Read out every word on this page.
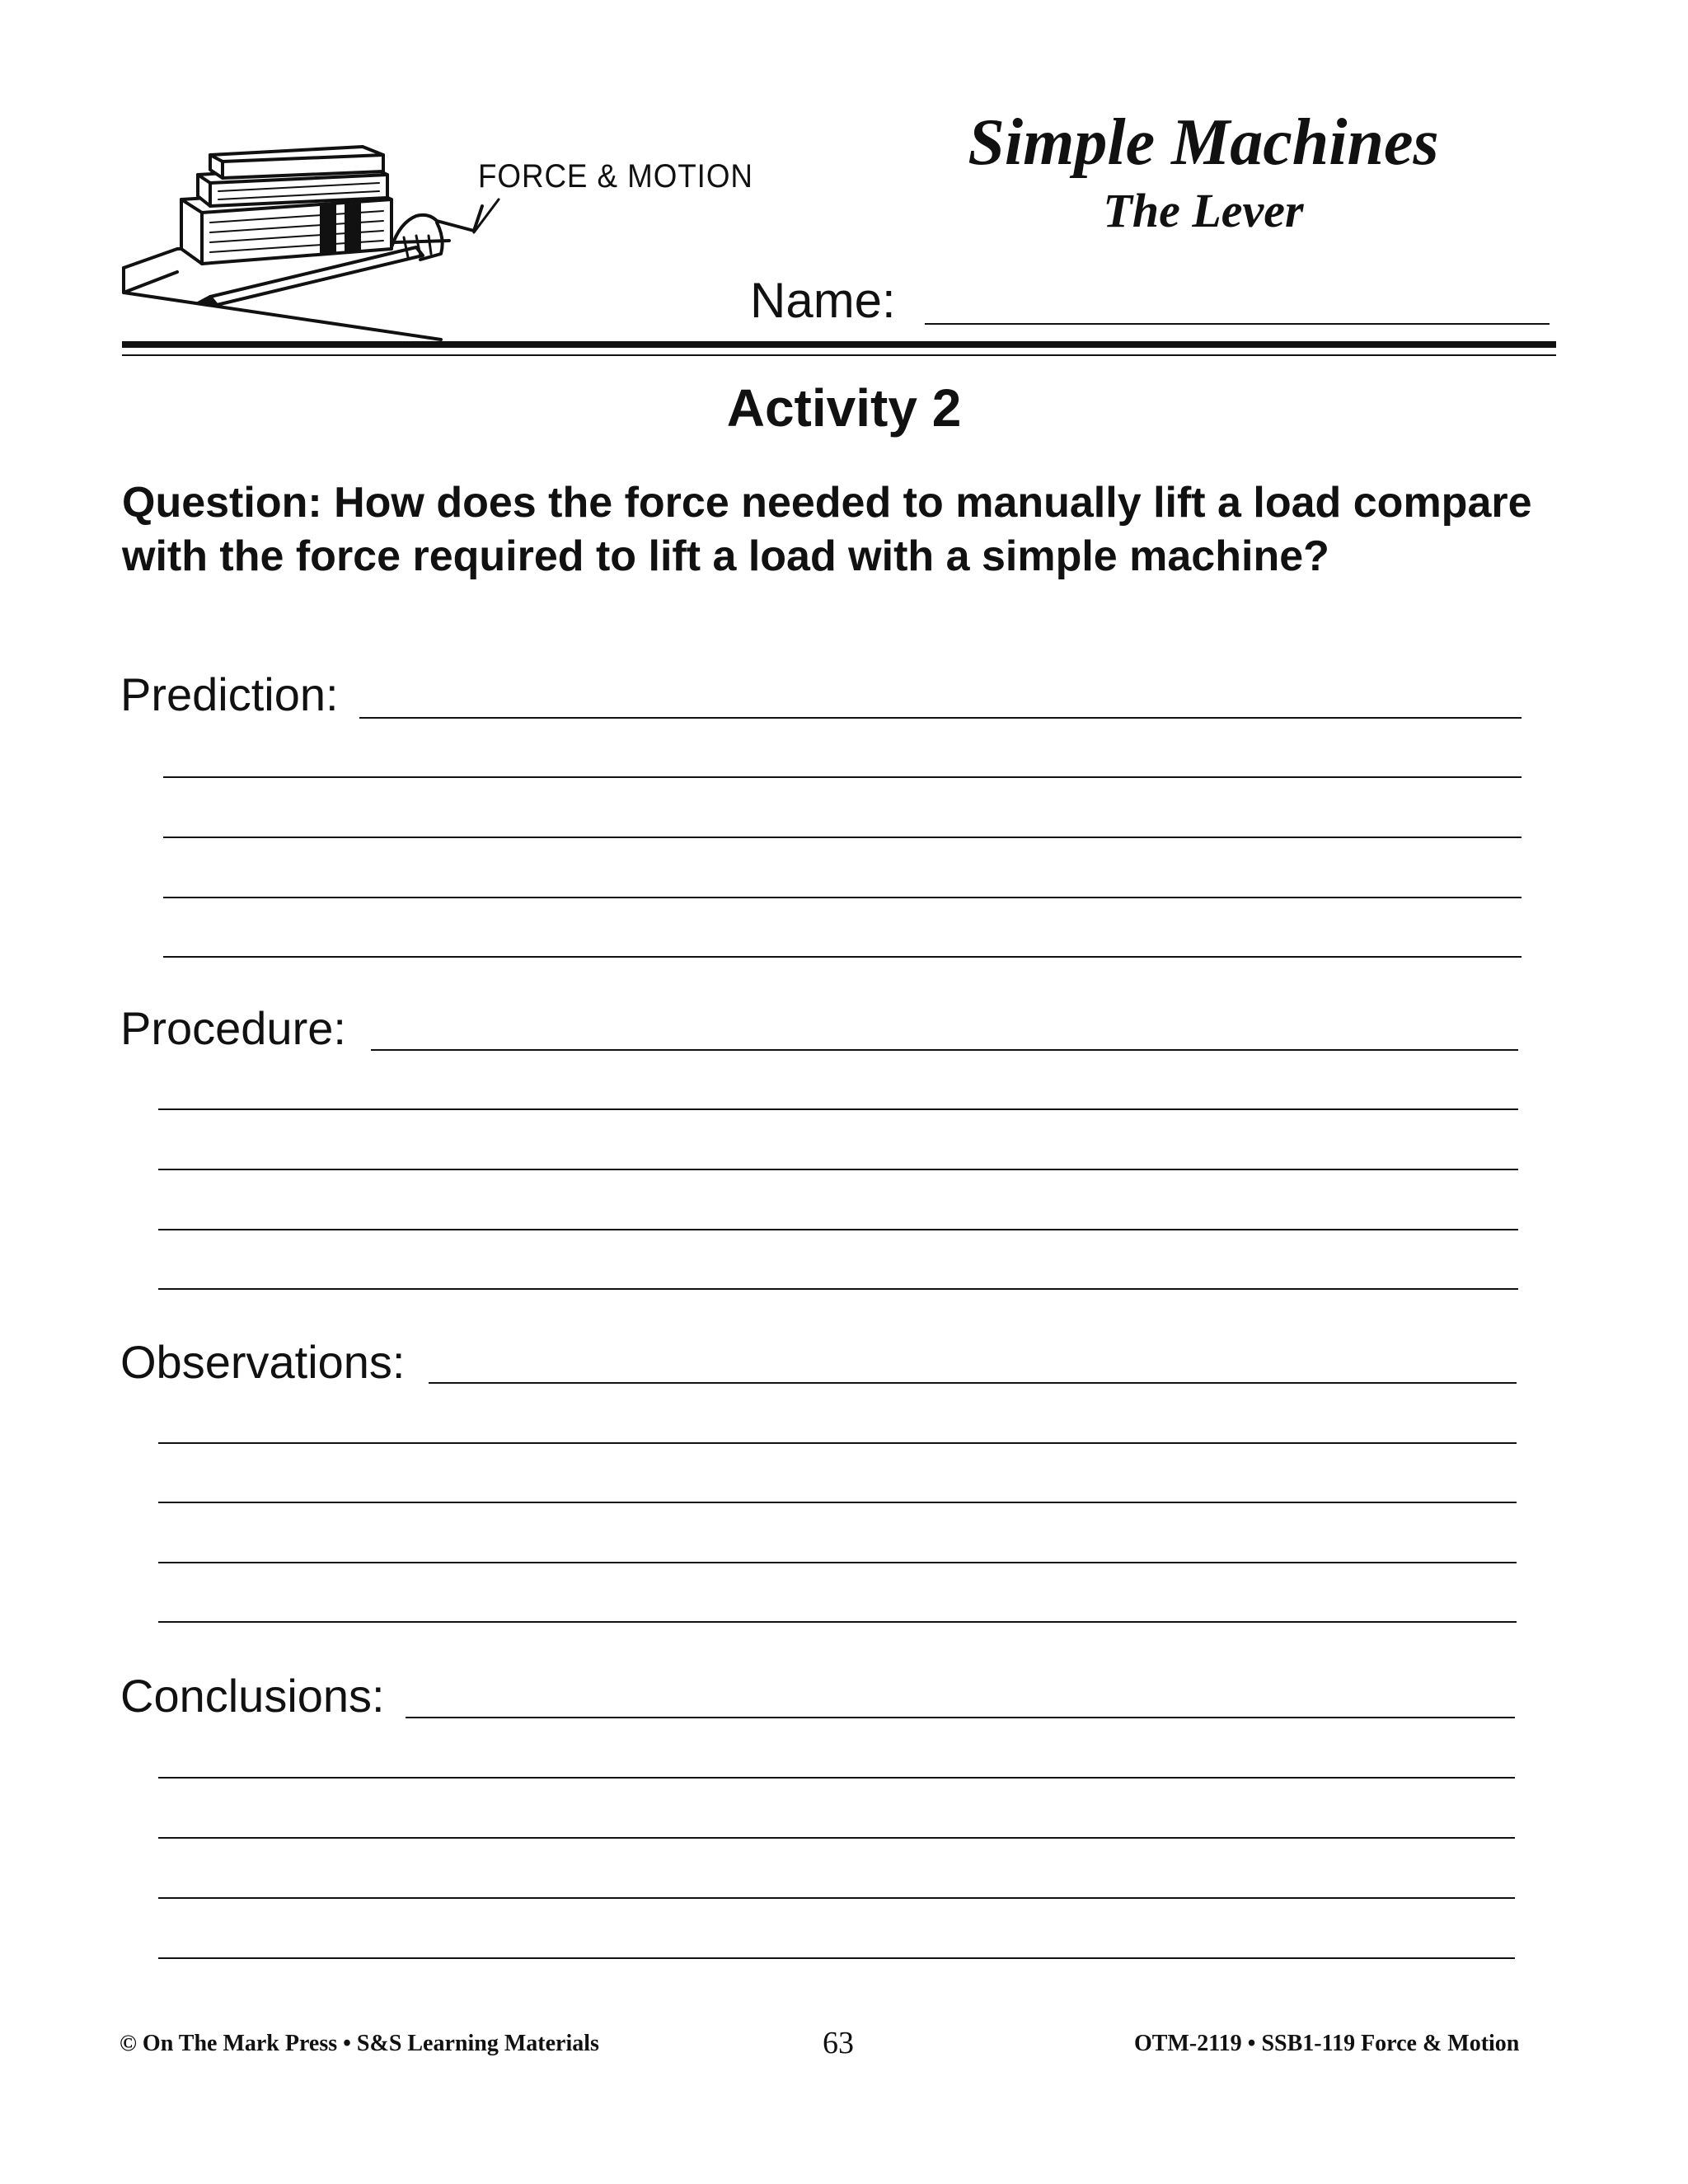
FORCE & MOTION	Simple Machines
The Lever
Name:
Activity 2
Question: How does the force needed to manually lift a load compare with the force required to lift a load with a simple machine?
Prediction:
Procedure:
Observations:
Conclusions:
© On The Mark Press • S&S Learning Materials	63	OTM-2119 • SSB1-119 Force & Motion
